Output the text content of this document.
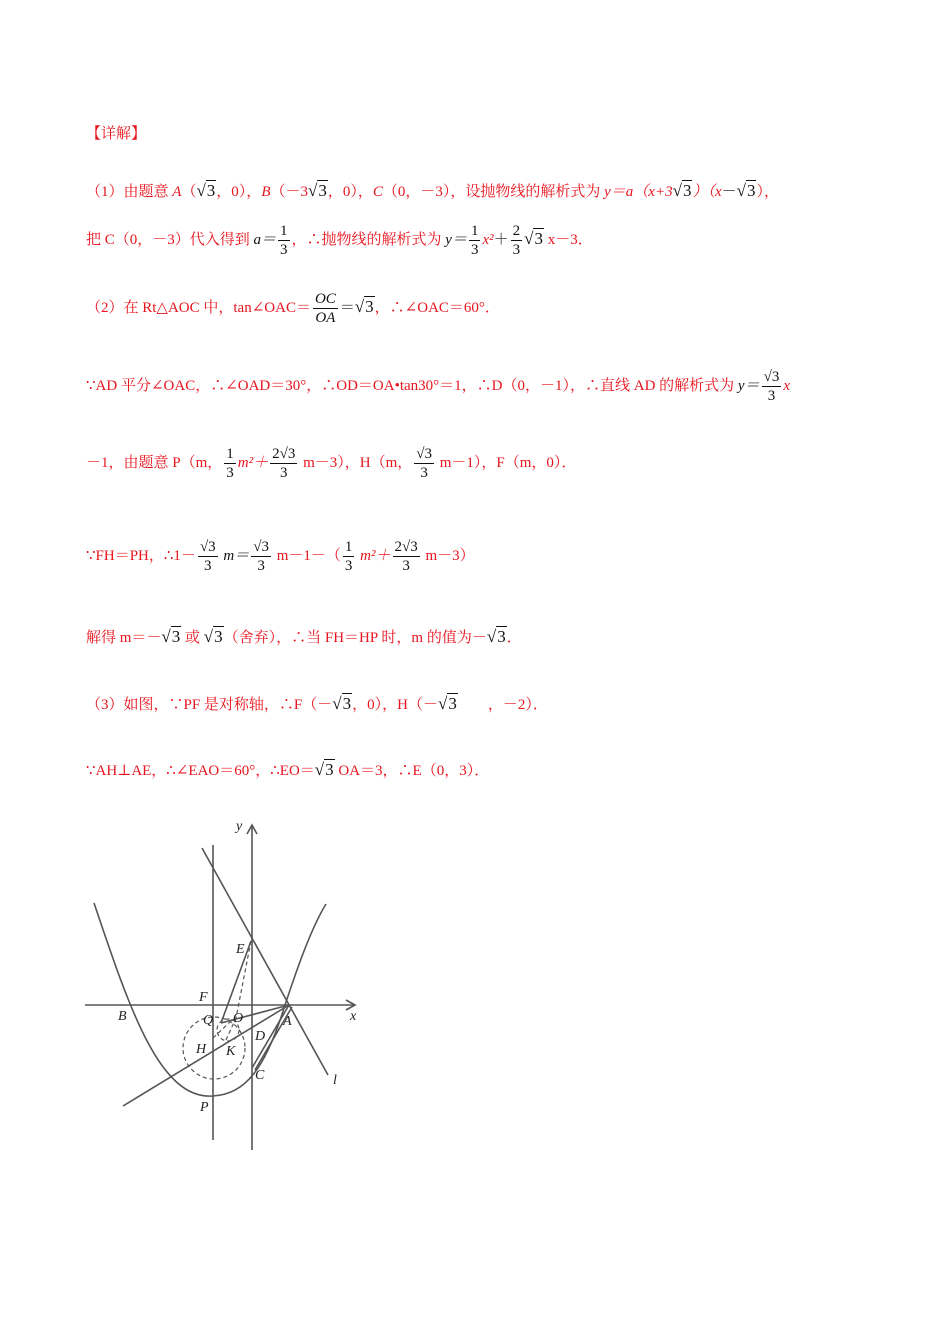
【详解】
（1）由题意 A（√3，0），B（－3√3，0），C（0，－3），设抛物线的解析式为 y＝a（x+3√3）（x－√3），
把 C（0，－3）代入得到 $a= \frac{1}{3}$ ，∴抛物线的解析式为 $y= \frac{1}{3} x^2+ \frac{2}{3} √3$ x－3．
（2）在 Rt△AOC 中，tan∠OAC＝ $\frac{OC}{OA} =√3$，∴∠OAC＝60°．
∵AD 平分∠OAC，∴∠OAD＝30°，∴OD＝OA•tan30°＝1，∴D（0，－1），∴直线 AD 的解析式为 $y= \frac{√3}{3}$ x
－1，由题意 P（m， $\frac{1}{3} m^2+ \frac{2√3}{3} m-3$），H（m， $\frac{√3}{3} m-1$），F（m，0）．
∵FH＝PH，∴1－ $\frac{√3}{3} m= \frac{√3}{3} m-1-( \frac{1}{3} m^2+ \frac{2√3}{3} m-3)$
解得 m＝－√3 或 √3（舍弃），∴当 FH＝HP 时，m 的值为－√3．
（3）如图，∵PF 是对称轴，∴F（－√3，0），H（－√3　　，－2）．
∵AH⊥AE，∴∠EAO＝60°，∴EO＝√3 OA＝3，∴E（0，3）．
y
x
E
F
B	Q O	A
D
H K
C
P
l
